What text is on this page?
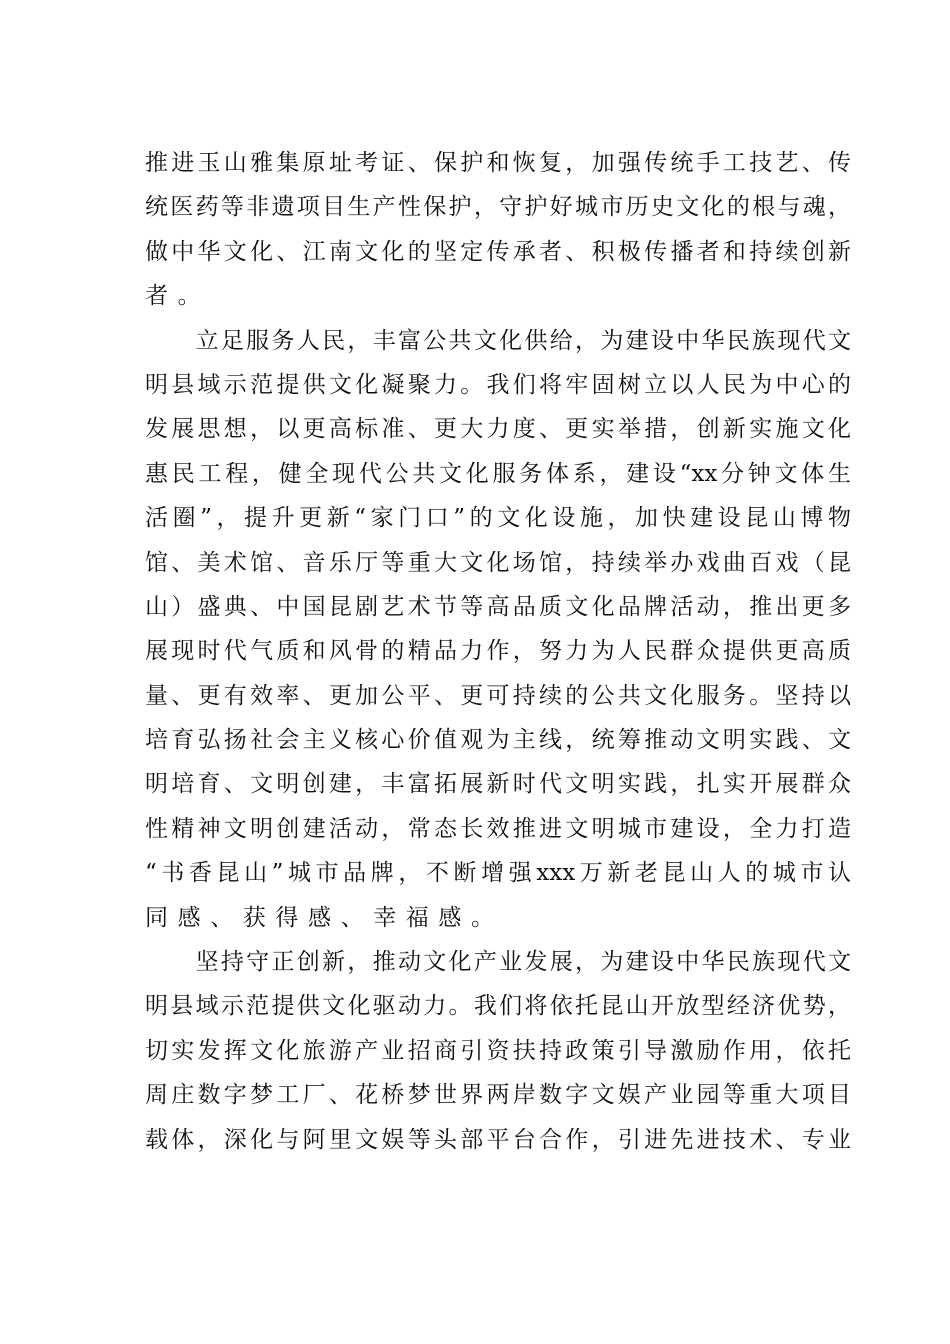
推进玉山雅集原址考证、保护和恢复，加强传统手工技艺、传
统医药等非遗项目生产性保护，守护好城市历史文化的根与魂，
做中华文化、江南文化的坚定传承者、积极传播者和持续创新
者。
　　立足服务人民，丰富公共文化供给，为建设中华民族现代文
明县域示范提供文化凝聚力。我们将牢固树立以人民为中心的
发展思想，以更高标准、更大力度、更实举措，创新实施文化
惠民工程，健全现代公共文化服务体系，建设“xx分钟文体生
活圈”，提升更新“家门口”的文化设施，加快建设昆山博物
馆、美术馆、音乐厅等重大文化场馆，持续举办戏曲百戏（昆
山）盛典、中国昆剧艺术节等高品质文化品牌活动，推出更多
展现时代气质和风骨的精品力作，努力为人民群众提供更高质
量、更有效率、更加公平、更可持续的公共文化服务。坚持以
培育弘扬社会主义核心价值观为主线，统筹推动文明实践、文
明培育、文明创建，丰富拓展新时代文明实践，扎实开展群众
性精神文明创建活动，常态长效推进文明城市建设，全力打造
“书香昆山”城市品牌，不断增强xxx万新老昆山人的城市认
同感、获得感、幸福感。
　　坚持守正创新，推动文化产业发展，为建设中华民族现代文
明县域示范提供文化驱动力。我们将依托昆山开放型经济优势，
切实发挥文化旅游产业招商引资扶持政策引导激励作用，依托
周庄数字梦工厂、花桥梦世界两岸数字文娱产业园等重大项目
载体，深化与阿里文娱等头部平台合作，引进先进技术、专业
